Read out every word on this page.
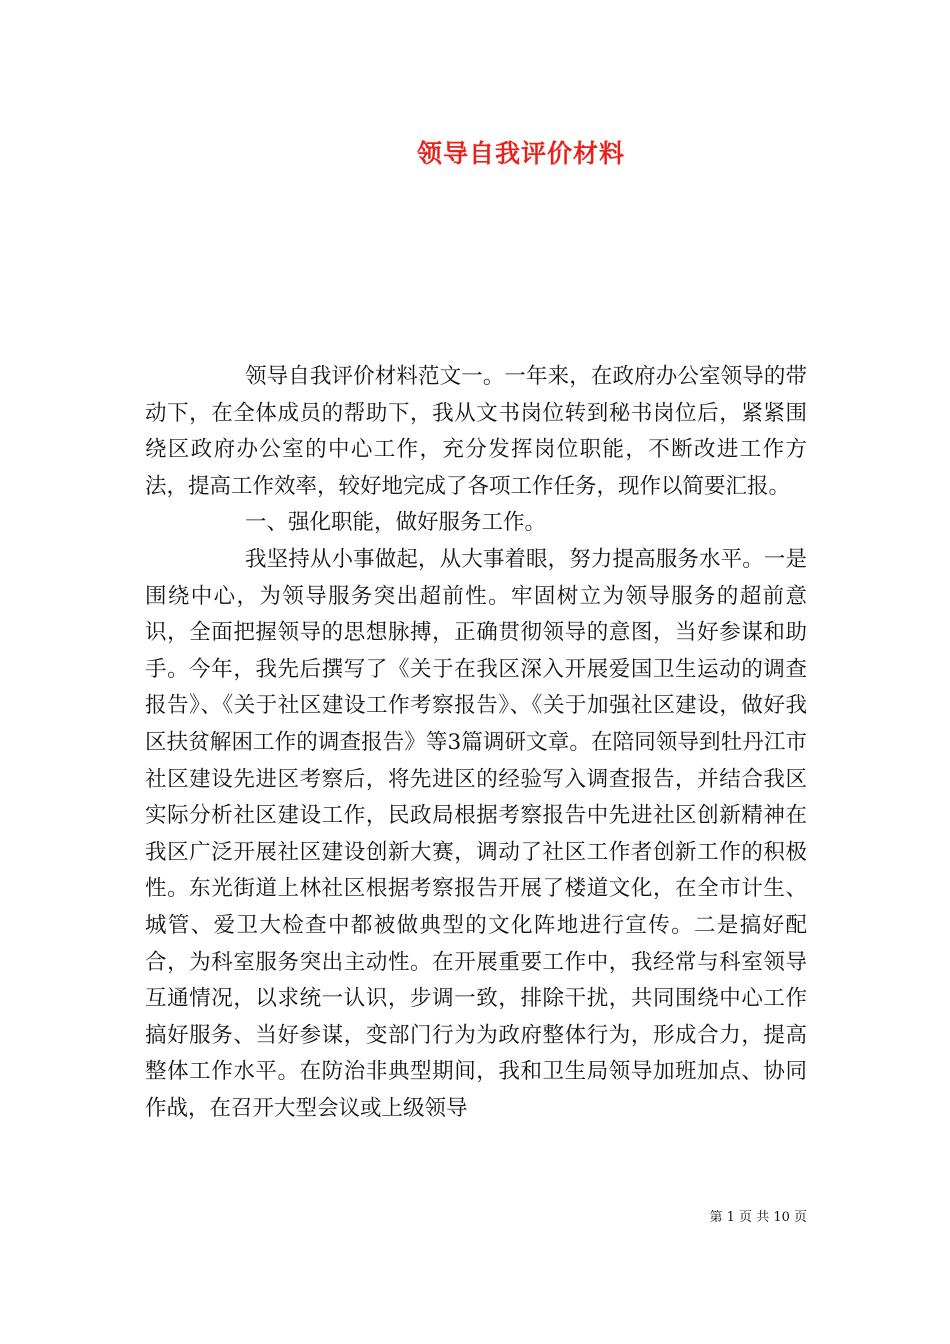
领导自我评价材料

领导自我评价材料范文一。一年来，在政府办公室领导的带动下，在全体成员的帮助下，我从文书岗位转到秘书岗位后，紧紧围绕区政府办公室的中心工作，充分发挥岗位职能，不断改进工作方法，提高工作效率，较好地完成了各项工作任务，现作以简要汇报。

一、强化职能，做好服务工作。

我坚持从小事做起，从大事着眼，努力提高服务水平。一是围绕中心，为领导服务突出超前性。牢固树立为领导服务的超前意识，全面把握领导的思想脉搏，正确贯彻领导的意图，当好参谋和助手。今年，我先后撰写了《关于在我区深入开展爱国卫生运动的调查报告》、《关于社区建设工作考察报告》、《关于加强社区建设，做好我区扶贫解困工作的调查报告》等3篇调研文章。在陪同领导到牡丹江市社区建设先进区考察后，将先进区的经验写入调查报告，并结合我区实际分析社区建设工作，民政局根据考察报告中先进社区创新精神在我区广泛开展社区建设创新大赛，调动了社区工作者创新工作的积极性。东光街道上林社区根据考察报告开展了楼道文化，在全市计生、城管、爱卫大检查中都被做典型的文化阵地进行宣传。二是搞好配合，为科室服务突出主动性。在开展重要工作中，我经常与科室领导互通情况，以求统一认识，步调一致，排除干扰，共同围绕中心工作搞好服务、当好参谋，变部门行为为政府整体行为，形成合力，提高整体工作水平。在防治非典型期间，我和卫生局领导加班加点、协同作战，在召开大型会议或上级领导

第 1 页 共 10 页
